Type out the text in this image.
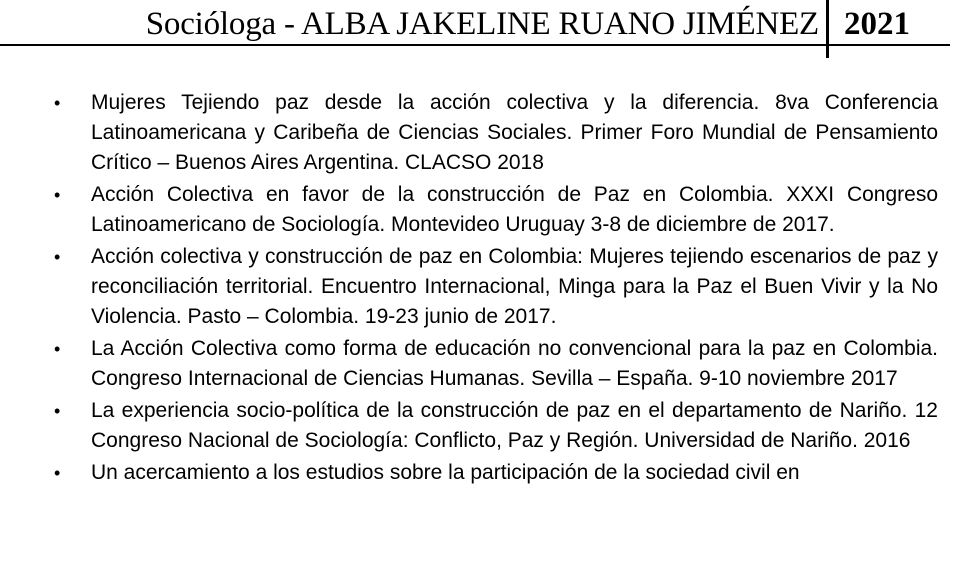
Socióloga - ALBA JAKELINE RUANO JIMÉNEZ 2021
• Mujeres Tejiendo paz desde la acción colectiva y la diferencia. 8va Conferencia Latinoamericana y Caribeña de Ciencias Sociales. Primer Foro Mundial de Pensamiento Crítico – Buenos Aires Argentina. CLACSO 2018
• Acción Colectiva en favor de la construcción de Paz en Colombia. XXXI Congreso Latinoamericano de Sociología. Montevideo Uruguay 3-8 de diciembre de 2017.
• Acción colectiva y construcción de paz en Colombia: Mujeres tejiendo escenarios de paz y reconciliación territorial. Encuentro Internacional, Minga para la Paz el Buen Vivir y la No Violencia. Pasto – Colombia. 19-23 junio de 2017.
• La Acción Colectiva como forma de educación no convencional para la paz en Colombia. Congreso Internacional de Ciencias Humanas. Sevilla – España. 9-10 noviembre 2017
• La experiencia socio-política de la construcción de paz en el departamento de Nariño. 12 Congreso Nacional de Sociología: Conflicto, Paz y Región. Universidad de Nariño. 2016
• Un acercamiento a los estudios sobre la participación de la sociedad civil en
